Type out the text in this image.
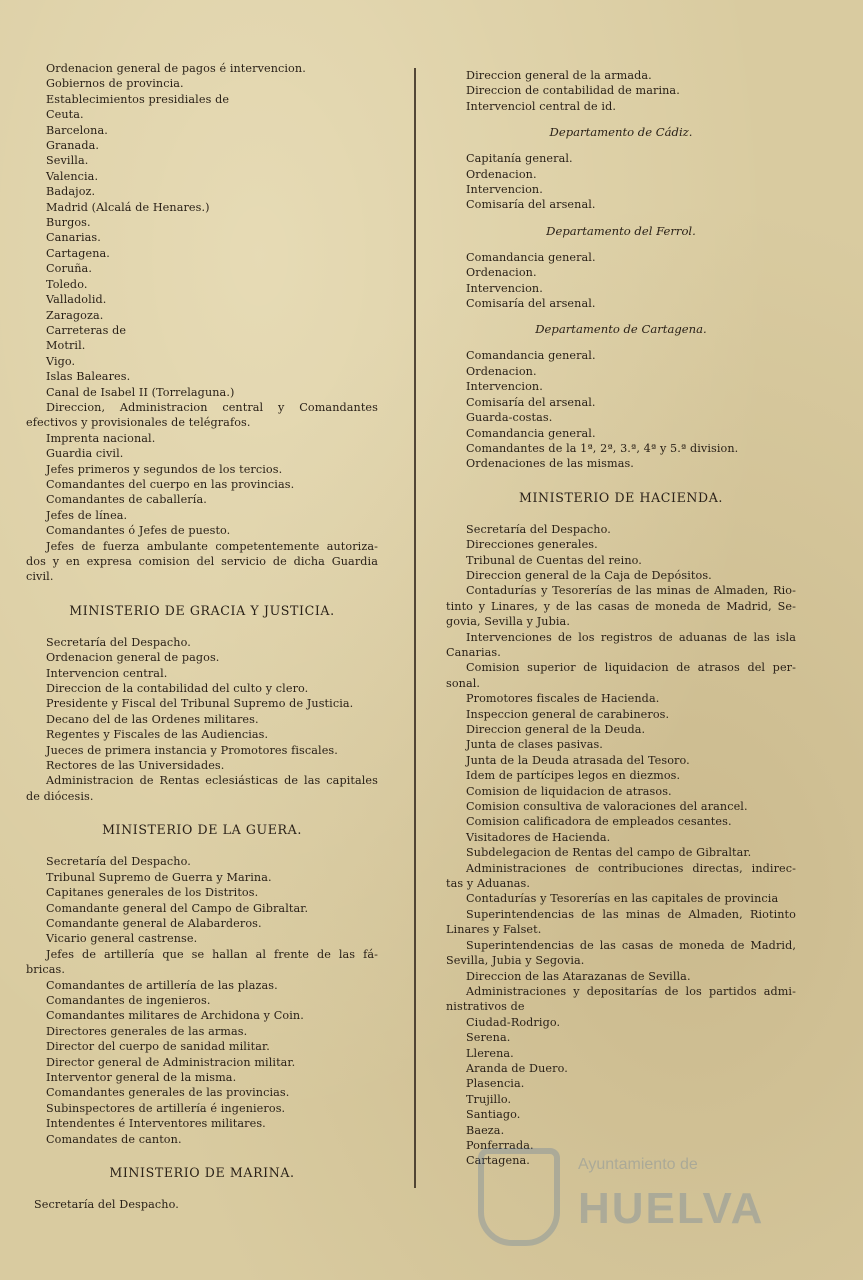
Ordenacion general de pagos é intervencion.
Gobiernos de provincia.
Establecimientos presidiales de
Ceuta.
Barcelona.
Granada.
Sevilla.
Valencia.
Badajoz.
Madrid (Alcalá de Henares.)
Burgos.
Canarias.
Cartagena.
Coruña.
Toledo.
Valladolid.
Zaragoza.
Carreteras de
Motril.
Vigo.
Islas Baleares.
Canal de Isabel II (Torrelaguna.)
Direccion, Administracion central y Comandantes
efectivos y provisionales de telégrafos.
Imprenta nacional.
Guardia civil.
Jefes primeros y segundos de los tercios.
Comandantes del cuerpo en las provincias.
Comandantes de caballería.
Jefes de línea.
Comandantes ó Jefes de puesto.
Jefes de fuerza ambulante competentemente autoriza-
dos y en expresa comision del servicio de dicha Guardia
civil.
MINISTERIO DE GRACIA Y JUSTICIA.
Secretaría del Despacho.
Ordenacion general de pagos.
Intervencion central.
Direccion de la contabilidad del culto y clero.
Presidente y Fiscal del Tribunal Supremo de Justicia.
Decano del de las Ordenes militares.
Regentes y Fiscales de las Audiencias.
Jueces de primera instancia y Promotores fiscales.
Rectores de las Universidades.
Administracion de Rentas eclesiásticas de las capitales
de diócesis.
MINISTERIO DE LA GUERA.
Secretaría del Despacho.
Tribunal Supremo de Guerra y Marina.
Capitanes generales de los Distritos.
Comandante general del Campo de Gibraltar.
Comandante general de Alabarderos.
Vicario general castrense.
Jefes de artillería que se hallan al frente de las fá-
bricas.
Comandantes de artillería de las plazas.
Comandantes de ingenieros.
Comandantes militares de Archidona y Coin.
Directores generales de las armas.
Director del cuerpo de sanidad militar.
Director general de Administracion militar.
Interventor general de la misma.
Comandantes generales de las provincias.
Subinspectores de artillería é ingenieros.
Intendentes é Interventores militares.
Comandates de canton.
MINISTERIO DE MARINA.
Secretaría del Despacho.
Direccion general de la armada.
Direccion de contabilidad de marina.
Intervenciol central de id.
Departamento de Cádiz.
Capitanía general.
Ordenacion.
Intervencion.
Comisaría del arsenal.
Departamento del Ferrol.
Comandancia general.
Ordenacion.
Intervencion.
Comisaría del arsenal.
Departamento de Cartagena.
Comandancia general.
Ordenacion.
Intervencion.
Comisaría del arsenal.
Guarda-costas.
Comandancia general.
Comandantes de la 1ª, 2ª, 3.ª, 4ª y 5.ª division.
Ordenaciones de las mismas.
MINISTERIO DE HACIENDA.
Secretaría del Despacho.
Direcciones generales.
Tribunal de Cuentas del reino.
Direccion general de la Caja de Depósitos.
Contadurías y Tesorerías de las minas de Almaden, Rio-
tinto y Linares, y de las casas de moneda de Madrid, Se-
govia, Sevilla y Jubia.
Intervenciones de los registros de aduanas de las isla
Canarias.
Comision superior de liquidacion de atrasos del per-
sonal.
Promotores fiscales de Hacienda.
Inspeccion general de carabineros.
Direccion general de la Deuda.
Junta de clases pasivas.
Junta de la Deuda atrasada del Tesoro.
Idem de partícipes legos en diezmos.
Comision de liquidacion de atrasos.
Comision consultiva de valoraciones del arancel.
Comision calificadora de empleados cesantes.
Visitadores de Hacienda.
Subdelegacion de Rentas del campo de Gibraltar.
Administraciones de contribuciones directas, indirec-
tas y Aduanas.
Contadurías y Tesorerías en las capitales de provincia
Superintendencias de las minas de Almaden, Riotinto
Linares y Falset.
Superintendencias de las casas de moneda de Madrid,
Sevilla, Jubia y Segovia.
Direccion de las Atarazanas de Sevilla.
Administraciones y depositarías de los partidos admi-
nistrativos de
Ciudad-Rodrigo.
Serena.
Llerena.
Aranda de Duero.
Plasencia.
Trujillo.
Santiago.
Baeza.
Ponferrada.
Cartagena.	Ayuntamiento de
HUELVA
